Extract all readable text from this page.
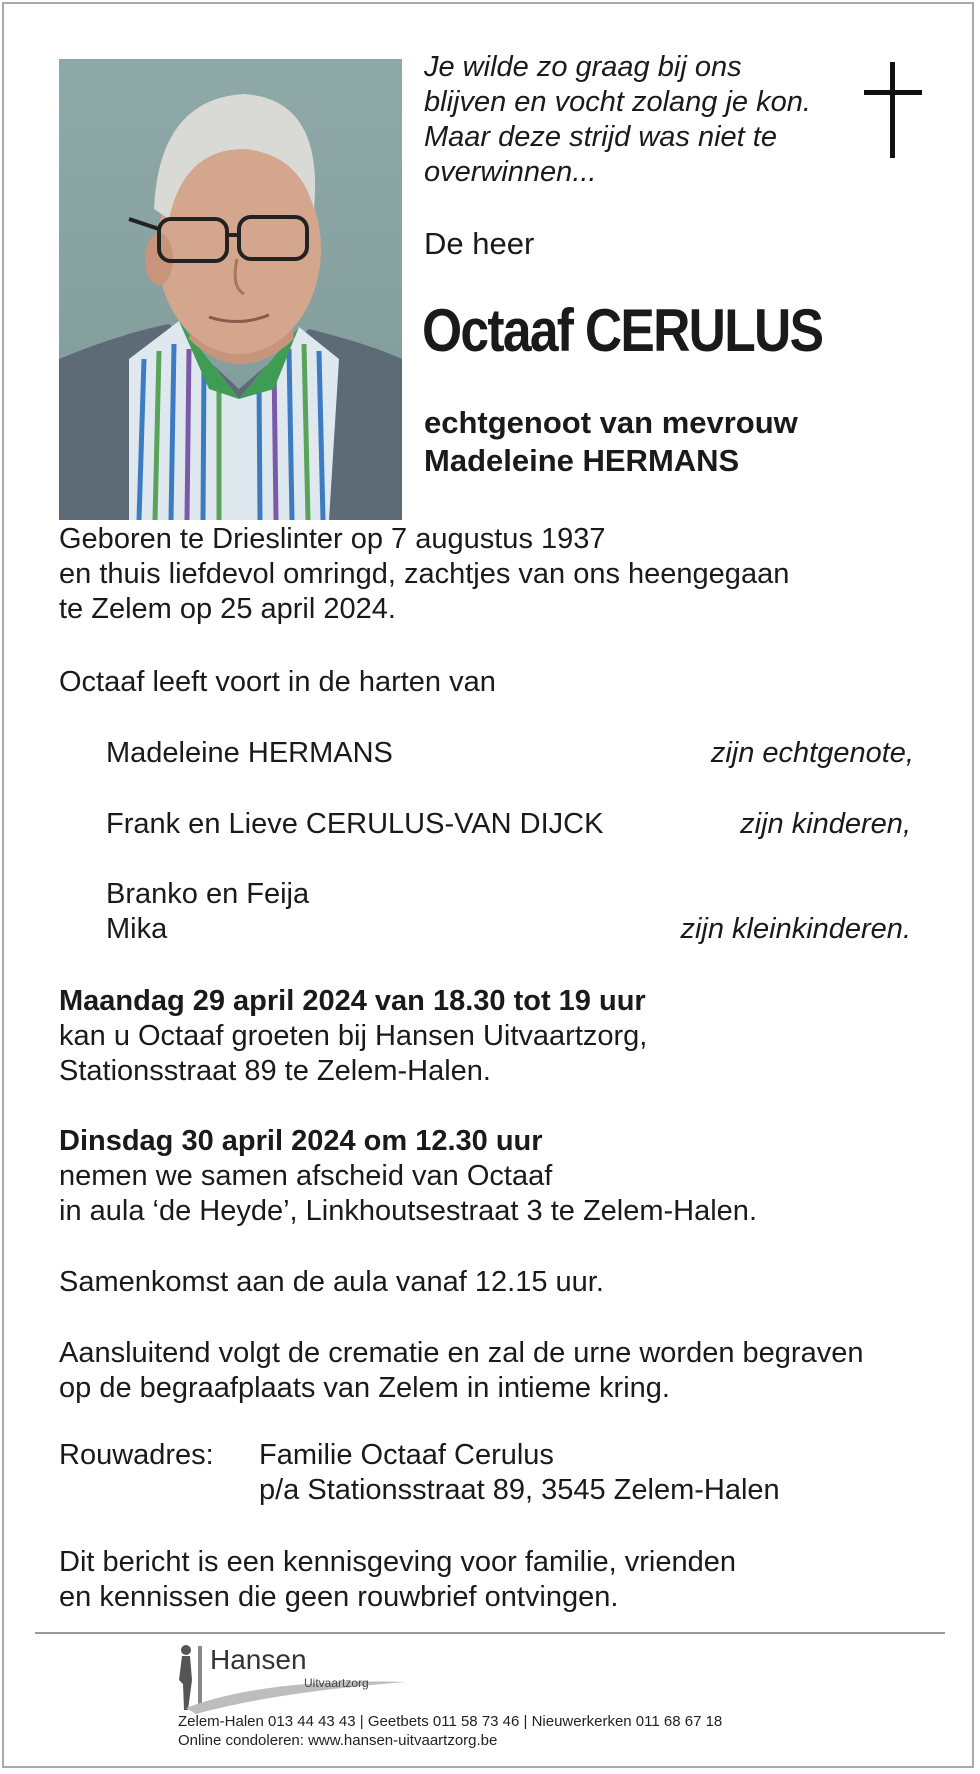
Je wilde zo graag bij ons
blijven en vocht zolang je kon.
Maar deze strijd was niet te
overwinnen...
De heer
Octaaf CERULUS
echtgenoot van mevrouw
Madeleine HERMANS
Geboren te Drieslinter op 7 augustus 1937
en thuis liefdevol omringd, zachtjes van ons heengegaan
te Zelem op 25 april 2024.
Octaaf leeft voort in de harten van
Madeleine HERMANS	zijn echtgenote,
Frank en Lieve CERULUS-VAN DIJCK	zijn kinderen,
Branko en Feija
Mika	zijn kleinkinderen.
Maandag 29 april 2024 van 18.30 tot 19 uur
kan u Octaaf groeten bij Hansen Uitvaartzorg,
Stationsstraat 89 te Zelem-Halen.
Dinsdag 30 april 2024 om 12.30 uur
nemen we samen afscheid van Octaaf
in aula ‘de Heyde’, Linkhoutsestraat 3 te Zelem-Halen.
Samenkomst aan de aula vanaf 12.15 uur.
Aansluitend volgt de crematie en zal de urne worden begraven
op de begraafplaats van Zelem in intieme kring.
Rouwadres: Familie Octaaf Cerulus
p/a Stationsstraat 89, 3545 Zelem-Halen
Dit bericht is een kennisgeving voor familie, vrienden
en kennissen die geen rouwbrief ontvingen.
Hansen
Uitvaartzorg
Zelem-Halen 013 44 43 43 | Geetbets 011 58 73 46 | Nieuwerkerken 011 68 67 18
Online condoleren: www.hansen-uitvaartzorg.be
